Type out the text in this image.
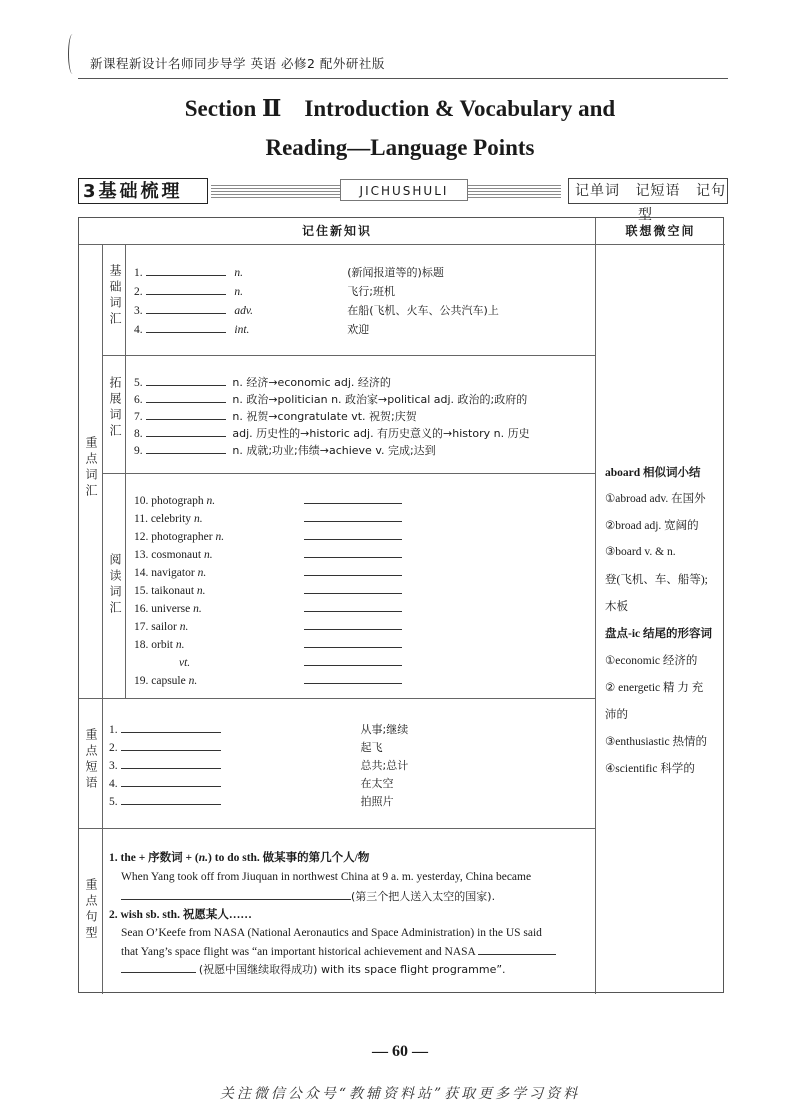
新课程新设计名师同步导学 英语 必修2 配外研社版
Section Ⅱ　Introduction & Vocabulary and
Reading—Language Points
3基础梳理	JICHUSHULI	记单词 记短语 记句型
记住新知识	联想微空间
重点词汇
基础词汇
拓展词汇
阅读词汇
重点短语
重点句型
1.	n.	(新闻报道等的)标题
2.	n.	飞行;班机
3.	adv.	在船(飞机、火车、公共汽车)上
4.	int.	欢迎
5.	n. 经济→economic adj. 经济的
6.	n. 政治→politician n. 政治家→political adj. 政治的;政府的
7.	n. 祝贺→congratulate vt. 祝贺;庆贺
8.	adj. 历史性的→historic adj. 有历史意义的→history n. 历史
9.	n. 成就;功业;伟绩→achieve v. 完成;达到
10. photograph n.
11. celebrity n.
12. photographer n.
13. cosmonaut n.
14. navigator n.
15. taikonaut n.
16. universe n.
17. sailor n.
18. orbit n.
vt.
19. capsule n.
1.	从事;继续
2.	起飞
3.	总共;总计
4.	在太空
5.	拍照片
1. the + 序数词 + (n.) to do sth. 做某事的第几个人/物
When Yang took off from Jiuquan in northwest China at 9 a. m. yesterday, China became
(第三个把人送入太空的国家).
2. wish sb. sth. 祝愿某人……
Sean O’Keefe from NASA (National Aeronautics and Space Administration) in the US said
that Yang’s space flight was “an important historical achievement and NASA
(祝愿中国继续取得成功) with its space flight programme”.
aboard 相似词小结
①abroad adv. 在国外
②broad adj. 宽阔的
③board v. & n.
登(飞机、车、船等);
木板
盘点-ic 结尾的形容词
①economic 经济的
② energetic 精 力 充
沛的
③enthusiastic 热情的
④scientific 科学的
— 60 —
关注微信公众号“教辅资料站”获取更多学习资料
